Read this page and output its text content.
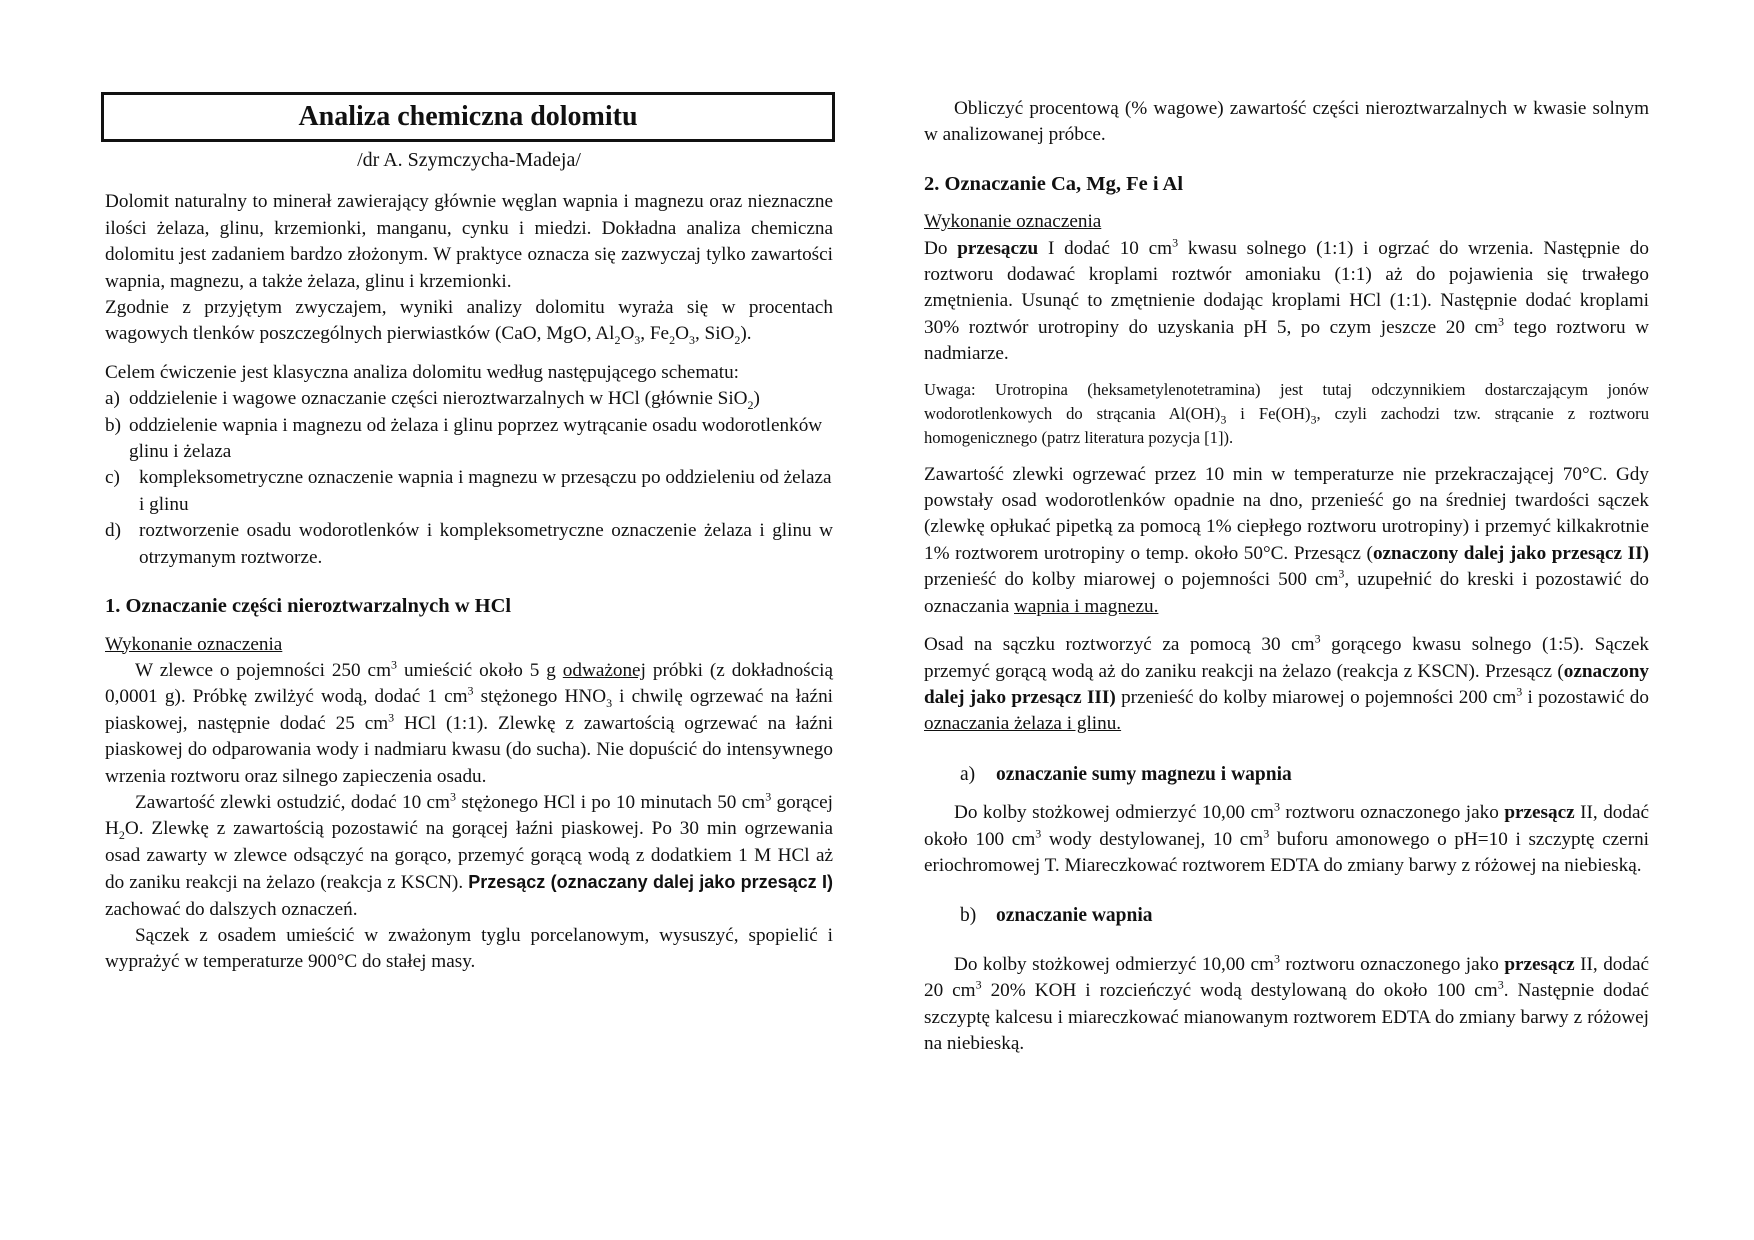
Analiza chemiczna dolomitu
/dr A. Szymczycha-Madeja/

Dolomit naturalny to minerał zawierający głównie węglan wapnia i magnezu oraz nieznaczne ilości żelaza, glinu, krzemionki, manganu, cynku i miedzi. Dokładna analiza chemiczna dolomitu jest zadaniem bardzo złożonym. W praktyce oznacza się zazwyczaj tylko zawartości wapnia, magnezu, a także żelaza, glinu i krzemionki.

Zgodnie z przyjętym zwyczajem, wyniki analizy dolomitu wyraża się w procentach wagowych tlenków poszczególnych pierwiastków (CaO, MgO, $Al_2O_3$, $Fe_2O_3$, SiO$_2$).

Celem ćwiczenie jest klasyczna analiza dolomitu według następującego schematu:

a) oddzielenie i wagowe oznaczanie części nieroztwarzalnych w HCl (głównie SiO$_2$)
b) oddzielenie wapnia i magnezu od żelaza i glinu poprzez wytrącanie osadu wodorotlenków glinu i żelaza
c) kompleksometryczne oznaczenie wapnia i magnezu w przesączu po oddzieleniu od żelaza i glinu
d) roztworzenie osadu wodorotlenków i kompleksometryczne oznaczenie żelaza i glinu w otrzymanym roztworze.
1. Oznaczanie części nieroztwarzalnych w HCl
Wykonanie oznaczenia

W zlewce o pojemności 250 $cm^3$ umieścić około 5 g odważonej próbki (z dokładnością 0,0001 g). Próbkę zwilżyć wodą, dodać 1 $cm^3$ stężonego $HNO_3$ i chwilę ogrzewać na łaźni piaskowej, następnie dodać 25 $cm^3$ HCl (1:1). Zlewkę z zawartością ogrzewać na łaźni piaskowej do odparowania wody i nadmiaru kwasu (do sucha). Nie dopuścić do intensywnego wrzenia roztworu oraz silnego zapieczenia osadu.

Zawartość zlewki ostudzić, dodać 10 $cm^3$ stężonego HCl i po 10 minutach 50 $cm^3$ gorącej $H_2O$. Zlewkę z zawartością pozostawić na gorącej łaźni piaskowej. Po 30 min ogrzewania osad zawarty w zlewce odsączyć na gorąco, przemyć gorącą wodą z dodatkiem 1 M HCl aż do zaniku reakcji na żelazo (reakcja z KSCN). Przesącz (oznaczany dalej jako przesącz I) zachować do dalszych oznaczeń.

Sączek z osadem umieścić w zważonym tyglu porcelanowym, wysuszyć, spopielić i wyprażyć w temperaturze 900°C do stałej masy.

Obliczyć procentową (% wagowe) zawartość części nieroztwarzalnych w kwasie solnym w analizowanej próbce.

2. Oznaczanie Ca, Mg, Fe i Al
Wykonanie oznaczenia

Do przesączu I dodać 10 $cm^3$ kwasu solnego (1:1) i ogrzać do wrzenia. Następnie do roztworu dodawać kroplami roztwór amoniaku (1:1) aż do pojawienia się trwałego zmętnienia. Usunąć to zmętnienie dodając kroplami HCl (1:1). Następnie dodać kroplami 30% roztwór urotropiny do uzyskania pH 5, po czym jeszcze 20 $cm^3$ tego roztworu w nadmiarze.

Uwaga: Urotropina (heksametylenotetramina) jest tutaj odczynnikiem dostarczającym jonów wodorotlenkowych do strącania $Al(OH)_3$ i $Fe(OH)_3$, czyli zachodzi tzw. strącanie z roztworu homogenicznego (patrz literatura pozycja [1]).

Zawartość zlewki ogrzewać przez 10 min w temperaturze nie przekraczającej 70°C. Gdy powstały osad wodorotlenków opadnie na dno, przenieść go na średniej twardości sączek (zlewkę opłukać pipetką za pomocą 1% ciepłego roztworu urotropiny) i przemyć kilkakrotnie 1% roztworem urotropiny o temp. około 50°C. Przesącz (oznaczony dalej jako przesącz II) przenieść do kolby miarowej o pojemności 500 $cm^3$, uzupełnić do kreski i pozostawić do oznaczania wapnia i magnezu.

Osad na sączku roztworzyć za pomocą 30 $cm^3$ gorącego kwasu solnego (1:5). Sączek przemyć gorącą wodą aż do zaniku reakcji na żelazo (reakcja z KSCN). Przesącz (oznaczony dalej jako przesącz III) przenieść do kolby miarowej o pojemności 200 $cm^3$ i pozostawić do oznaczania żelaza i glinu.

a)	oznaczanie sumy magnezu i wapnia

Do kolby stożkowej odmierzyć 10,00 $cm^3$ roztworu oznaczonego jako przesącz II, dodać około 100 $cm^3$ wody destylowanej, 10 $cm^3$ buforu amonowego o pH=10 i szczyptę czerni eriochromowej T. Miareczkować roztworem EDTA do zmiany barwy z różowej na niebieską.

b)	oznaczanie wapnia

Do kolby stożkowej odmierzyć 10,00 $cm^3$ roztworu oznaczonego jako przesącz II, dodać 20 $cm^3$ 20% KOH i rozcieńczyć wodą destylowaną do około 100 $cm^3$. Następnie dodać szczyptę kalcesu i miareczkować mianowanym roztworem EDTA do zmiany barwy z różowej na niebieską.
